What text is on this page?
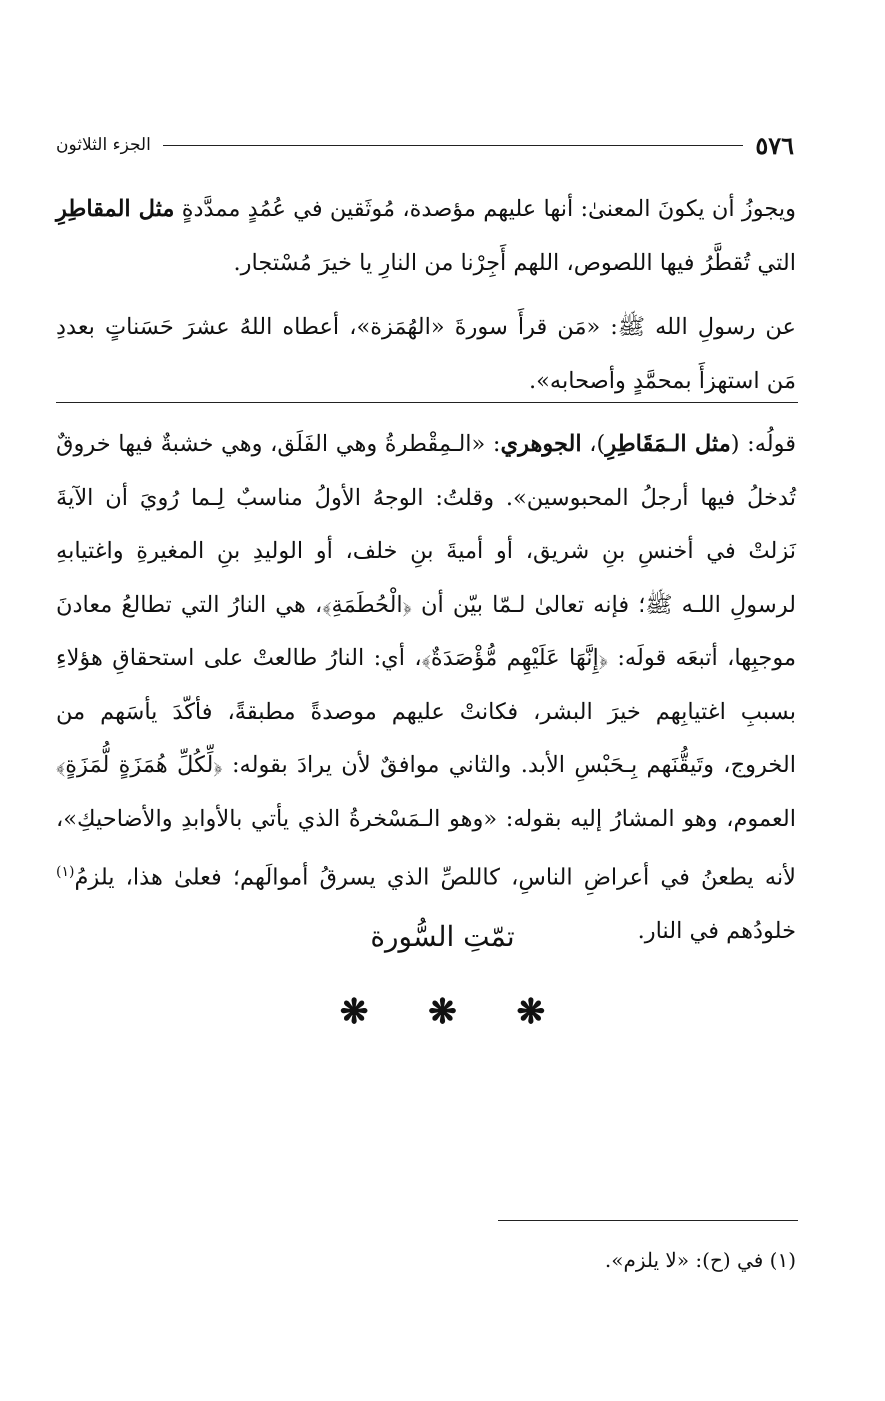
٥٧٦
الجزء الثلاثون

ويجوزُ أن يكونَ المعنىٰ: أنها عليهم مؤصدة، مُوثَقين في عُمُدٍ ممدَّدةٍ مثل المقاطِرِ التي تُقطَّرُ فيها اللصوص، اللهم أَجِرْنا من النارِ يا خيرَ مُسْتجار.

عن رسولِ الله ﷺ: «مَن قرأَ سورةَ «الهُمَزة»، أعطاه اللهُ عشرَ حَسَناتٍ بعددِ مَن استهزأَ بمحمَّدٍ وأصحابه».

قولُه: (مثل الـمَقَاطِرِ)، الجوهري: «الـمِقْطرةُ وهي الفَلَق، وهي خشبةٌ فيها خروقٌ تُدخلُ فيها أرجلُ المحبوسين». وقلتُ: الوجهُ الأولُ مناسبٌ لِـما رُويَ أن الآيةَ نَزلتْ في أخنسِ بنِ شريق، أو أميةَ بنِ خلف، أو الوليدِ بنِ المغيرةِ واغتيابهِ لرسولِ اللـه ﷺ؛ فإنه تعالىٰ لـمّا بيّن أن ﴿الْحُطَمَةِ﴾، هي النارُ التي تطالعُ معادنَ موجبِها، أتبعَه قولَه: ﴿إِنَّهَا عَلَيْهِم مُّؤْصَدَةٌ﴾، أي: النارُ طالعتْ على استحقاقِ هؤلاءِ بسببِ اغتيابِهم خيرَ البشر، فكانتْ عليهم موصدةً مطبقةً، فأكّدَ يأسَهم من الخروج، وتَيقُّنَهم بِـحَبْسِ الأبد. والثاني موافقٌ لأن يرادَ بقوله: ﴿لِّكُلِّ هُمَزَةٍ لُّمَزَةٍ﴾ العموم، وهو المشارُ إليه بقوله: «وهو الـمَسْخرةُ الذي يأتي بالأوابدِ والأضاحيكِ»، لأنه يطعنُ في أعراضِ الناسِ، كاللصِّ الذي يسرقُ أموالَهم؛ فعلىٰ هذا، يلزمُ$^{(١)}$ خلودُهم في النار.

تمّتِ السُّورة
❋ ❋ ❋
(١) في (ح): «لا يلزم».
